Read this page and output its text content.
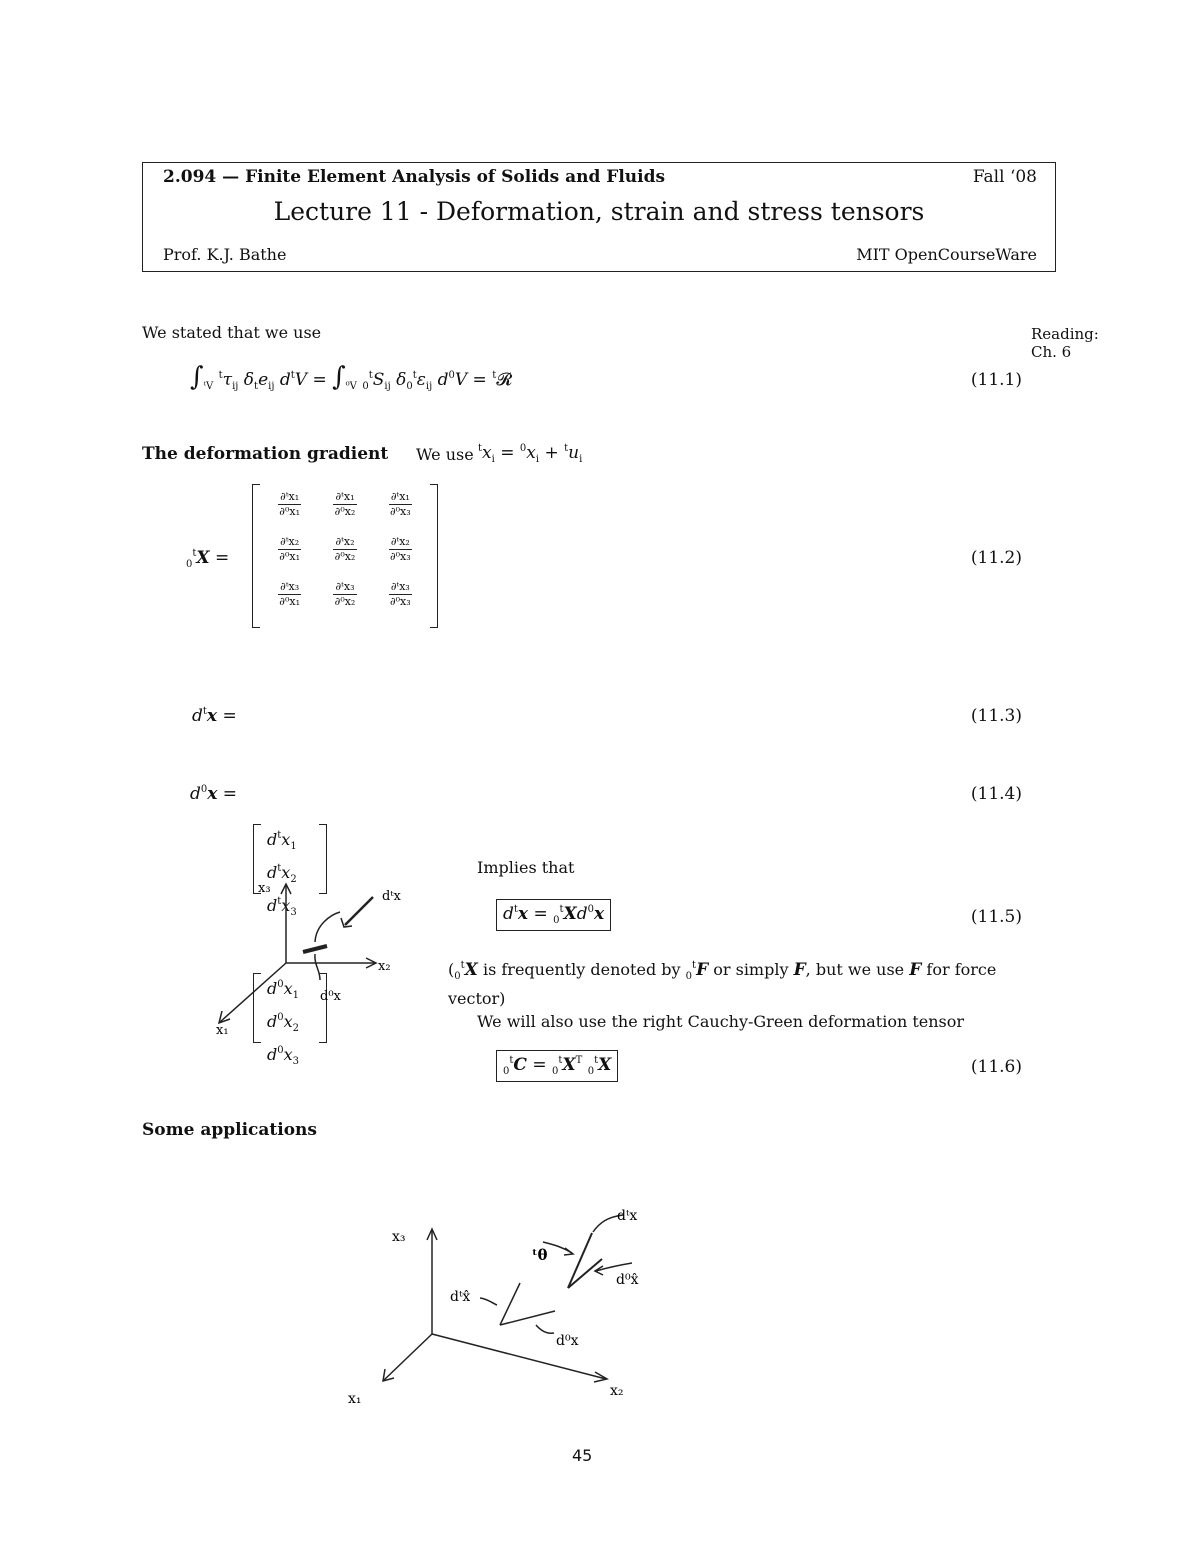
2.094 — Finite Element Analysis of Solids and Fluids	Fall ‘08
Lecture 11 - Deformation, strain and stress tensors
Prof. K.J. Bathe	MIT OpenCourseWare
We stated that we use	Reading:
Ch. 6
$\int_{ᵗV}$ $^t\tau_{ij}$ $\delta_te_{ij}$ $d^tV = \int_{^0V}$ $_0^tS_{ij}$ $\delta_0^t\varepsilon_{ij}$ $d^0V$ = $^t$𝓡	(11.1)
The deformation gradient We use $^tx_i = ^0x_i + ^tu_i$
$_0^t$X =
$\frac{\text{∂ᵗx₁}}{\text{∂⁰x₁}} \frac{\text{∂ᵗx₁}}{\text{∂⁰x₂}} \frac{\text{∂ᵗx₁}}{\text{∂⁰x₃}}$
$\frac{\text{∂ᵗx₂}}{\text{∂⁰x₁}} \frac{\text{∂ᵗx₂}}{\text{∂⁰x₂}} \frac{\text{∂ᵗx₂}}{\text{∂⁰x₃}}$
$\frac{\text{∂ᵗx₃}}{\text{∂⁰x₁}} \frac{\text{∂ᵗx₃}}{\text{∂⁰x₂}} \frac{\text{∂ᵗx₃}}{\text{∂⁰x₃}}$
(11.2)
$d^tx$ =
$d^tx_1$
$d^tx_2$
$d^tx_3$
(11.3)
$d^0x$ =
$d^0x_1$
$d^0x_2$
$d^0x_3$
(11.4)
x₃
x₂
x₁
dᵗx
d⁰x
Implies that
$d^tx = _0^tXd^0x$	(11.5)
($_0^tX$ is frequently denoted by $_0^t$F or simply F, but we use F for force vector)
We will also use the right Cauchy-Green deformation tensor
$_0^tC = _0^tX^T$ $_0^t$X	(11.6)
Some applications
x₃
x₂
x₁
dᵗx̂
ᵗθ
dᵗx
d⁰x̂
d⁰x
45
